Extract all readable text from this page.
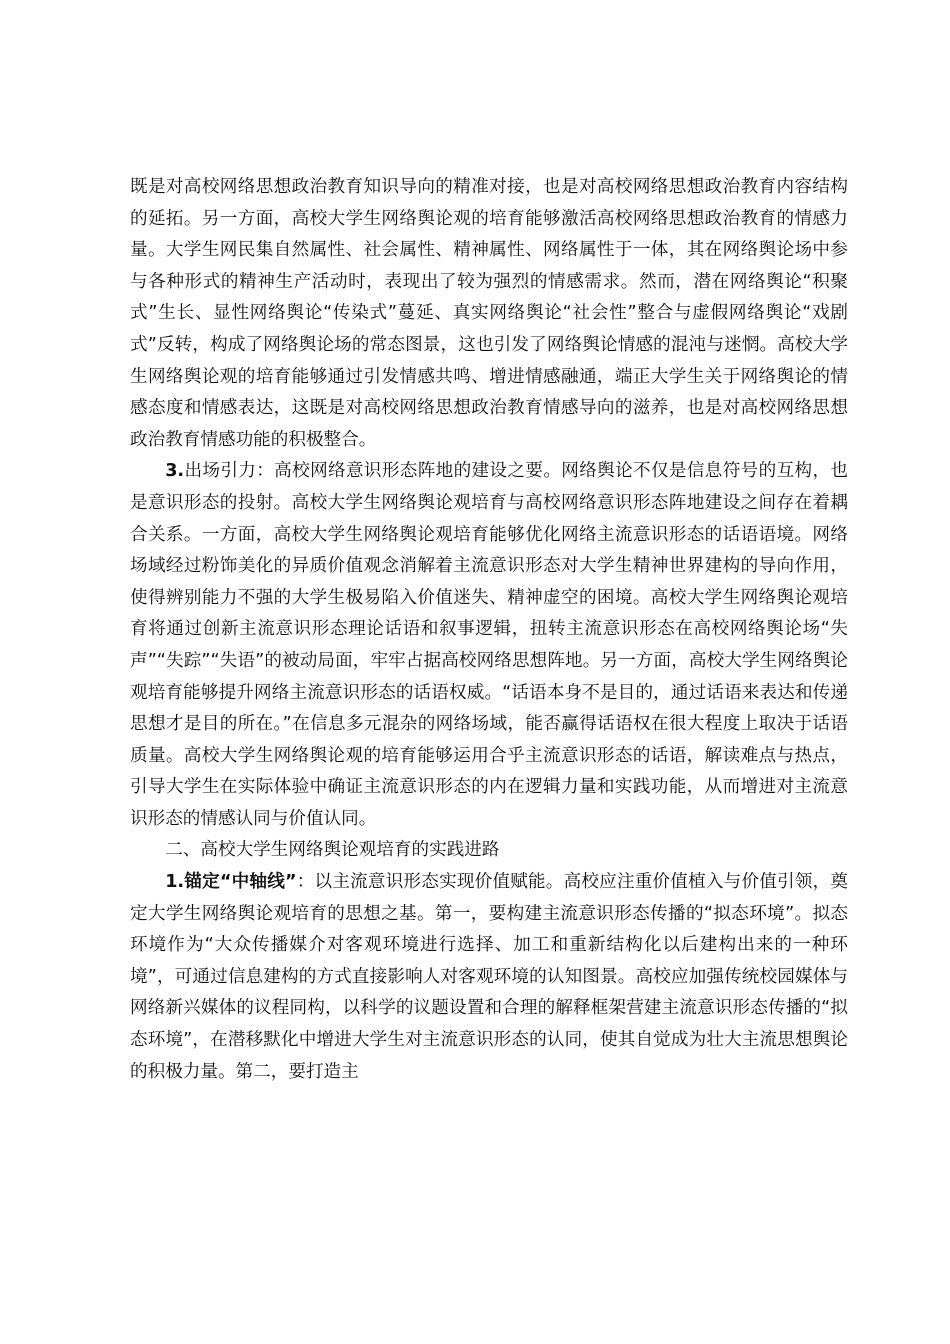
既是对高校网络思想政治教育知识导向的精准对接，也是对高校网络思想政治教育内容结构的延拓。另一方面，高校大学生网络舆论观的培育能够激活高校网络思想政治教育的情感力量。大学生网民集自然属性、社会属性、精神属性、网络属性于一体，其在网络舆论场中参与各种形式的精神生产活动时，表现出了较为强烈的情感需求。然而，潜在网络舆论“积聚式”生长、显性网络舆论“传染式”蔓延、真实网络舆论“社会性”整合与虚假网络舆论“戏剧式”反转，构成了网络舆论场的常态图景，这也引发了网络舆论情感的混沌与迷惘。高校大学生网络舆论观的培育能够通过引发情感共鸣、增进情感融通，端正大学生关于网络舆论的情感态度和情感表达，这既是对高校网络思想政治教育情感导向的滋养，也是对高校网络思想政治教育情感功能的积极整合。

3.出场引力：高校网络意识形态阵地的建设之要。网络舆论不仅是信息符号的互构，也是意识形态的投射。高校大学生网络舆论观培育与高校网络意识形态阵地建设之间存在着耦合关系。一方面，高校大学生网络舆论观培育能够优化网络主流意识形态的话语语境。网络场域经过粉饰美化的异质价值观念消解着主流意识形态对大学生精神世界建构的导向作用，使得辨别能力不强的大学生极易陷入价值迷失、精神虚空的困境。高校大学生网络舆论观培育将通过创新主流意识形态理论话语和叙事逻辑，扭转主流意识形态在高校网络舆论场“失声”“失踪”“失语”的被动局面，牢牢占据高校网络思想阵地。另一方面，高校大学生网络舆论观培育能够提升网络主流意识形态的话语权威。“话语本身不是目的，通过话语来表达和传递思想才是目的所在。”在信息多元混杂的网络场域，能否赢得话语权在很大程度上取决于话语质量。高校大学生网络舆论观的培育能够运用合乎主流意识形态的话语，解读难点与热点，引导大学生在实际体验中确证主流意识形态的内在逻辑力量和实践功能，从而增进对主流意识形态的情感认同与价值认同。

二、高校大学生网络舆论观培育的实践进路

1.锚定“中轴线”：以主流意识形态实现价值赋能。高校应注重价值植入与价值引领，奠定大学生网络舆论观培育的思想之基。第一，要构建主流意识形态传播的“拟态环境”。拟态环境作为“大众传播媒介对客观环境进行选择、加工和重新结构化以后建构出来的一种环境”，可通过信息建构的方式直接影响人对客观环境的认知图景。高校应加强传统校园媒体与网络新兴媒体的议程同构，以科学的议题设置和合理的解释框架营建主流意识形态传播的“拟态环境”，在潜移默化中增进大学生对主流意识形态的认同，使其自觉成为壮大主流思想舆论的积极力量。第二，要打造主
